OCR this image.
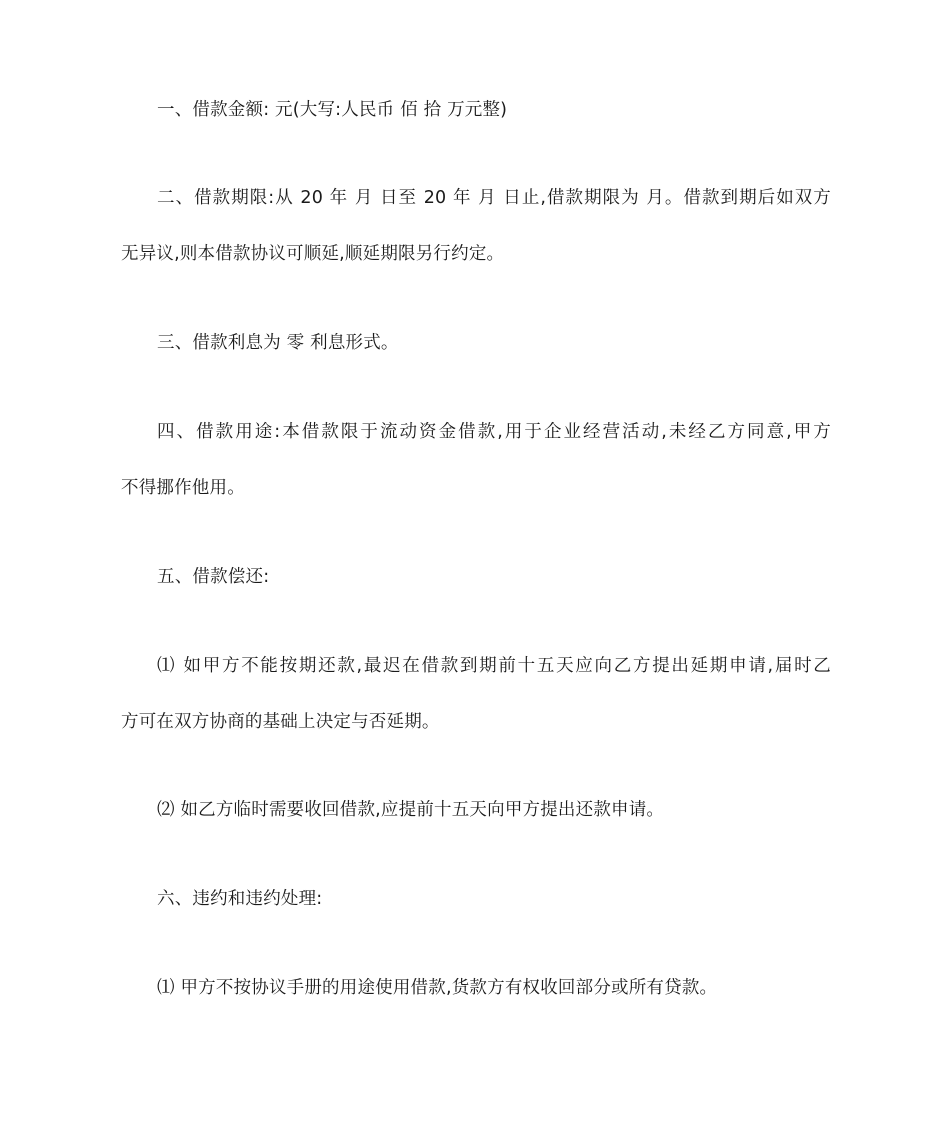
一、借款金额: 元(大写:人民币 佰 拾 万元整)
二、借款期限:从 20 年 月 日至 20 年 月 日止,借款期限为 月。借款到期后如双方
无异议,则本借款协议可顺延,顺延期限另行约定。
三、借款利息为 零 利息形式。
四、借款用途:本借款限于流动资金借款,用于企业经营活动,未经乙方同意,甲方
不得挪作他用。
五、借款偿还:
⑴ 如甲方不能按期还款,最迟在借款到期前十五天应向乙方提出延期申请,届时乙
方可在双方协商的基础上决定与否延期。
⑵ 如乙方临时需要收回借款,应提前十五天向甲方提出还款申请。
六、违约和违约处理:
⑴ 甲方不按协议手册的用途使用借款,货款方有权收回部分或所有贷款。
